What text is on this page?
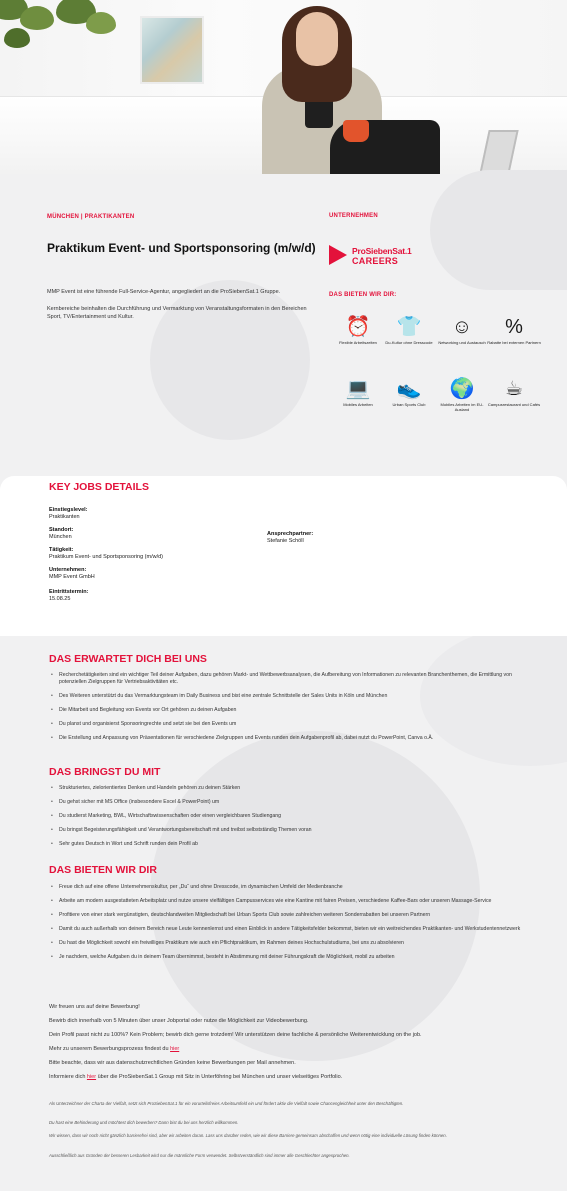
MÜNCHEN | PRAKTIKANTEN
Praktikum Event- und Sportsponsoring (m/w/d)

MMP Event ist eine führende Full-Service-Agentur, angegliedert an die ProSiebenSat.1 Gruppe.

Kernbereiche beinhalten die Durchführung und Vermarktung von Veranstaltungsformaten in den Bereichen Sport, TV/Entertainment und Kultur.

UNTERNEHMEN
ProSiebenSat.1
CAREERS
DAS BIETEN WIR DIR:
⏰
Flexible Arbeitszeiten
👕
Du-Kultur ohne Dresscode
☺
Networking und Austausch
%
Rabatte bei externen Partnern
💻
Mobiles Arbeiten
👟
Urban Sports Club
🌍
Mobiles Arbeiten im EU-Ausland
☕
Campusrestaurant und Cafés
KEY JOBS DETAILS
Einstiegslevel:
Praktikanten
Standort:
München
Tätigkeit:
Praktikum Event- und Sportsponsoring (m/w/d)
Unternehmen:
MMP Event GmbH
Eintrittstermin:
15.08.25
Ansprechpartner:
Stefanie Schöll
DAS ERWARTET DICH BEI UNS
• Recherchetätigkeiten sind ein wichtiger Teil deiner Aufgaben, dazu gehören Markt- und Wettbewerbsanalysen, die Aufbereitung von Informationen zu relevanten Branchenthemen, die Ermittlung von potenziellen Zielgruppen für Vertriebsaktivitäten etc.
• Des Weiteren unterstützt du das Vermarktungsteam im Daily Business und bist eine zentrale Schnittstelle der Sales Units in Köln und München
• Die Mitarbeit und Begleitung von Events vor Ort gehören zu deinen Aufgaben
• Du planst und organisierst Sponsoringrechte und setzt sie bei den Events um
• Die Erstellung und Anpassung von Präsentationen für verschiedene Zielgruppen und Events runden dein Aufgabenprofil ab, dabei nutzt du PowerPoint, Canva o.Ä.
DAS BRINGST DU MIT
• Strukturiertes, zielorientiertes Denken und Handeln gehören zu deinen Stärken
• Du gehst sicher mit MS Office (insbesondere Excel & PowerPoint) um
• Du studierst Marketing, BWL, Wirtschaftswissenschaften oder einen vergleichbaren Studiengang
• Du bringst Begeisterungsfähigkeit und Verantwortungsbereitschaft mit und treibst selbstständig Themen voran
• Sehr gutes Deutsch in Wort und Schrift runden dein Profil ab
DAS BIETEN WIR DIR
• Freue dich auf eine offene Unternehmenskultur, per „Du“ und ohne Dresscode, im dynamischen Umfeld der Medienbranche
• Arbeite am modern ausgestatteten Arbeitsplatz und nutze unsere vielfältigen Campusservices wie eine Kantine mit fairen Preisen, verschiedene Kaffee-Bars oder unseren Massage-Service
• Profitiere von einer stark vergünstigten, deutschlandweiten Mitgliedschaft bei Urban Sports Club sowie zahlreichen weiteren Sonderrabatten bei unseren Partnern
• Damit du auch außerhalb von deinem Bereich neue Leute kennenlernst und einen Einblick in andere Tätigkeitsfelder bekommst, bieten wir ein weitreichendes Praktikanten- und Werkstudentennetzwerk
• Du hast die Möglichkeit sowohl ein freiwilliges Praktikum wie auch ein Pflichtpraktikum, im Rahmen deines Hochschulstudiums, bei uns zu absolvieren
• Je nachdem, welche Aufgaben du in deinem Team übernimmst, besteht in Abstimmung mit deiner Führungskraft die Möglichkeit, mobil zu arbeiten

Wir freuen uns auf deine Bewerbung!

Bewirb dich innerhalb von 5 Minuten über unser Jobportal oder nutze die Möglichkeit zur Videobewerbung.

Dein Profil passt nicht zu 100%? Kein Problem; bewirb dich gerne trotzdem! Wir unterstützen deine fachliche & persönliche Weiterentwicklung on the job.

Mehr zu unserem Bewerbungsprozess findest du hier

Bitte beachte, dass wir aus datenschutzrechtlichen Gründen keine Bewerbungen per Mail annehmen.

Informiere dich hier über die ProSiebenSat.1 Group mit Sitz in Unterföhring bei München und unser vielseitiges Portfolio.

Als Unterzeichner der Charta der Vielfalt, setzt sich ProSiebenSat.1 für ein vorurteilsfreies Arbeitsumfeld ein und fördert aktiv die Vielfalt sowie Chancengleichheit unter den Beschäftigten.

Du hast eine Behinderung und möchtest dich bewerben? Dann bist du bei uns herzlich willkommen.

Wir wissen, dass wir noch nicht gänzlich barrierefrei sind, aber wir arbeiten daran. Lass uns darüber reden, wie wir diese Barriere gemeinsam abschaffen und wenn nötig eine individuelle Lösung finden können.

Ausschließlich aus Gründen der besseren Lesbarkeit wird nur die männliche Form verwendet. Selbstverständlich sind immer alle Geschlechter angesprochen.
